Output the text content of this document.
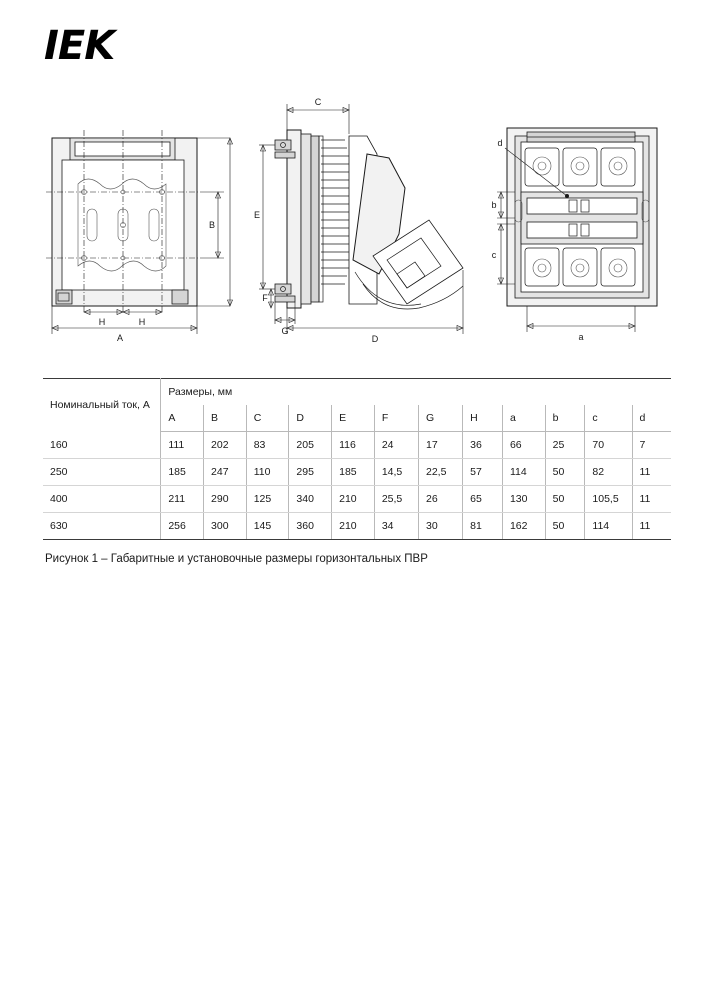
IEK
A
H	H
B
C
D
E
F
G
d
a
b
c
Номинальный ток, А	Размеры, мм											
	A	B	C	D	E	F	G	H	a	b	c	d
160	111	202	83	205	116	24	17	36	66	25	70	7
250	185	247	110	295	185	14,5	22,5	57	114	50	82	11
400	211	290	125	340	210	25,5	26	65	130	50	105,5	11
630	256	300	145	360	210	34	30	81	162	50	114	11
Рисунок 1 – Габаритные и установочные размеры горизонтальных ПВР
